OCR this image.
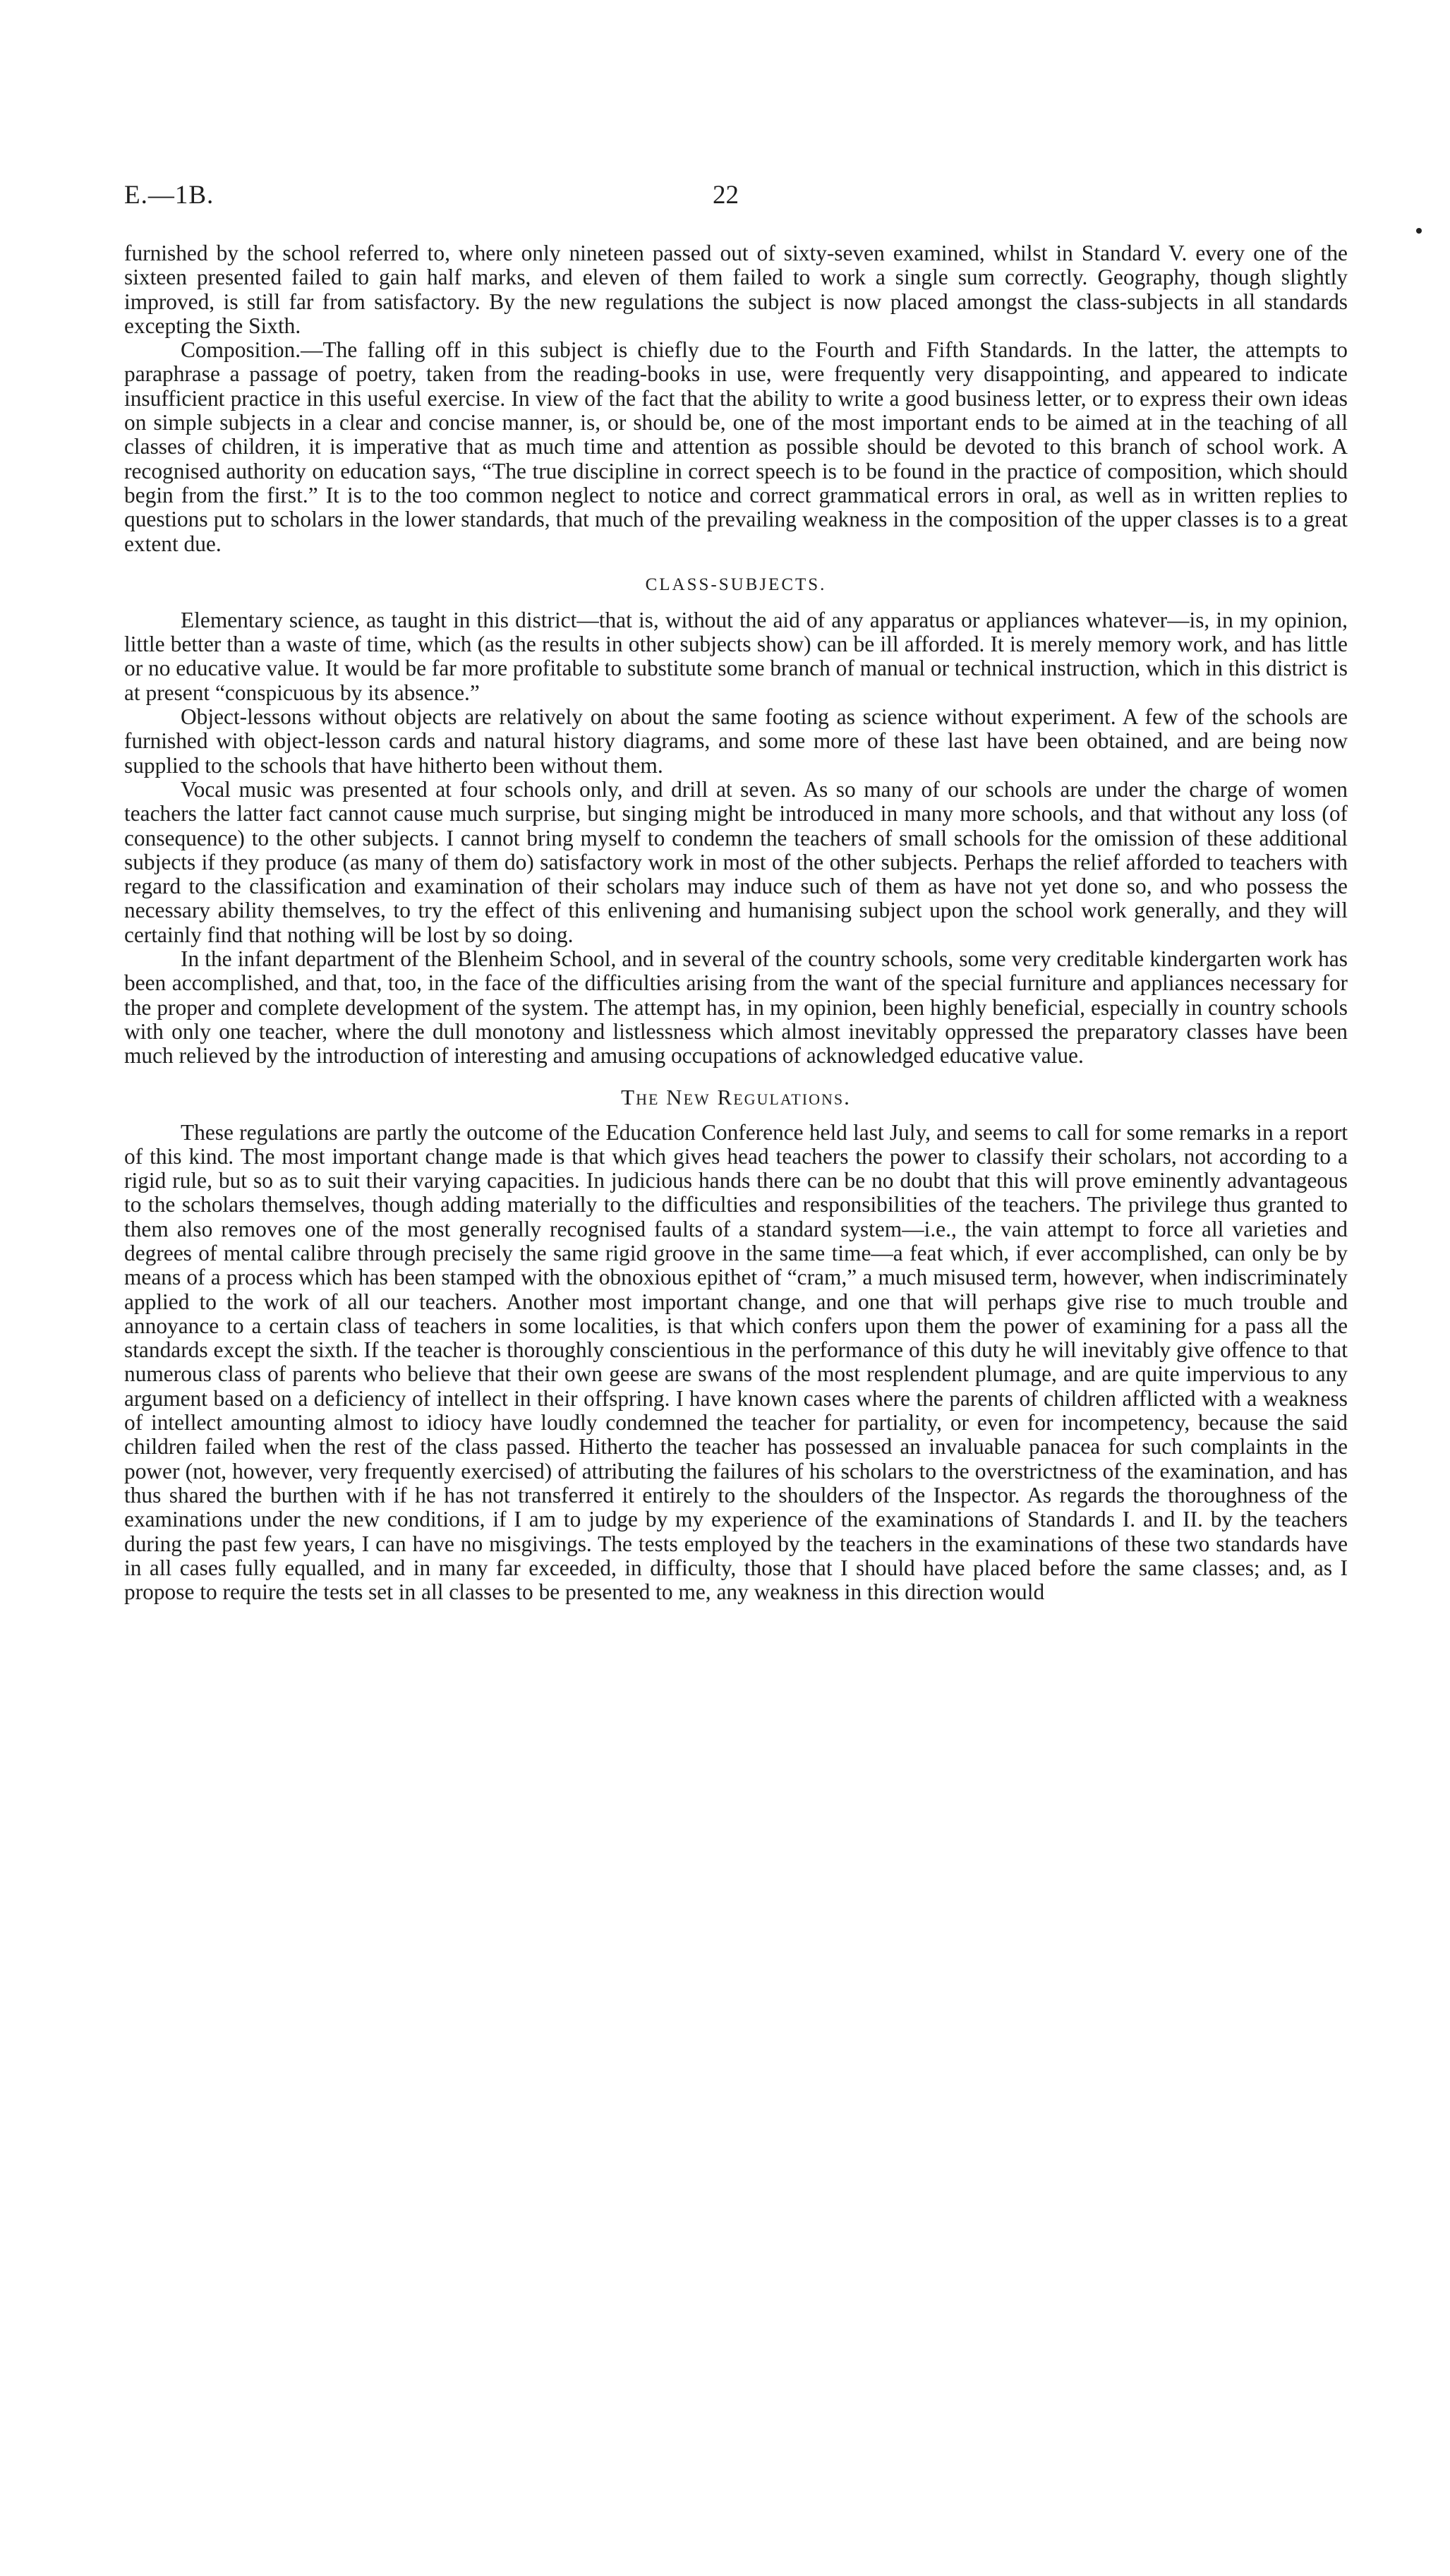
E.—1B.	22

furnished by the school referred to, where only nineteen passed out of sixty-seven examined, whilst in Standard V. every one of the sixteen presented failed to gain half marks, and eleven of them failed to work a single sum correctly. Geography, though slightly improved, is still far from satisfactory. By the new regulations the subject is now placed amongst the class-subjects in all standards excepting the Sixth.

Composition.—The falling off in this subject is chiefly due to the Fourth and Fifth Standards. In the latter, the attempts to paraphrase a passage of poetry, taken from the reading-books in use, were frequently very disappointing, and appeared to indicate insufficient practice in this useful exercise. In view of the fact that the ability to write a good business letter, or to express their own ideas on simple subjects in a clear and concise manner, is, or should be, one of the most important ends to be aimed at in the teaching of all classes of children, it is imperative that as much time and attention as possible should be devoted to this branch of school work. A recognised authority on education says, “The true discipline in correct speech is to be found in the practice of composition, which should begin from the first.” It is to the too common neglect to notice and correct grammatical errors in oral, as well as in written replies to questions put to scholars in the lower standards, that much of the prevailing weakness in the composition of the upper classes is to a great extent due.

CLASS-SUBJECTS.

Elementary science, as taught in this district—that is, without the aid of any apparatus or appliances whatever—is, in my opinion, little better than a waste of time, which (as the results in other subjects show) can be ill afforded. It is merely memory work, and has little or no educative value. It would be far more profitable to substitute some branch of manual or technical instruction, which in this district is at present “conspicuous by its absence.”

Object-lessons without objects are relatively on about the same footing as science without experiment. A few of the schools are furnished with object-lesson cards and natural history diagrams, and some more of these last have been obtained, and are being now supplied to the schools that have hitherto been without them.

Vocal music was presented at four schools only, and drill at seven. As so many of our schools are under the charge of women teachers the latter fact cannot cause much surprise, but singing might be introduced in many more schools, and that without any loss (of consequence) to the other subjects. I cannot bring myself to condemn the teachers of small schools for the omission of these additional subjects if they produce (as many of them do) satisfactory work in most of the other subjects. Perhaps the relief afforded to teachers with regard to the classification and examination of their scholars may induce such of them as have not yet done so, and who possess the necessary ability themselves, to try the effect of this enlivening and humanising subject upon the school work generally, and they will certainly find that nothing will be lost by so doing.

In the infant department of the Blenheim School, and in several of the country schools, some very creditable kindergarten work has been accomplished, and that, too, in the face of the difficulties arising from the want of the special furniture and appliances necessary for the proper and complete development of the system. The attempt has, in my opinion, been highly beneficial, especially in country schools with only one teacher, where the dull monotony and listlessness which almost inevitably oppressed the preparatory classes have been much relieved by the introduction of interesting and amusing occupations of acknowledged educative value.

The New Regulations.

These regulations are partly the outcome of the Education Conference held last July, and seems to call for some remarks in a report of this kind. The most important change made is that which gives head teachers the power to classify their scholars, not according to a rigid rule, but so as to suit their varying capacities. In judicious hands there can be no doubt that this will prove eminently advantageous to the scholars themselves, though adding materially to the difficulties and responsibilities of the teachers. The privilege thus granted to them also removes one of the most generally recognised faults of a standard system—i.e., the vain attempt to force all varieties and degrees of mental calibre through precisely the same rigid groove in the same time—a feat which, if ever accomplished, can only be by means of a process which has been stamped with the obnoxious epithet of “cram,” a much misused term, however, when indiscriminately applied to the work of all our teachers. Another most important change, and one that will perhaps give rise to much trouble and annoyance to a certain class of teachers in some localities, is that which confers upon them the power of examining for a pass all the standards except the sixth. If the teacher is thoroughly conscientious in the performance of this duty he will inevitably give offence to that numerous class of parents who believe that their own geese are swans of the most resplendent plumage, and are quite impervious to any argument based on a deficiency of intellect in their offspring. I have known cases where the parents of children afflicted with a weakness of intellect amounting almost to idiocy have loudly condemned the teacher for partiality, or even for incompetency, because the said children failed when the rest of the class passed. Hitherto the teacher has possessed an invaluable panacea for such complaints in the power (not, however, very frequently exercised) of attributing the failures of his scholars to the overstrictness of the examination, and has thus shared the burthen with if he has not transferred it entirely to the shoulders of the Inspector. As regards the thoroughness of the examinations under the new conditions, if I am to judge by my experience of the examinations of Standards I. and II. by the teachers during the past few years, I can have no misgivings. The tests employed by the teachers in the examinations of these two standards have in all cases fully equalled, and in many far exceeded, in difficulty, those that I should have placed before the same classes; and, as I propose to require the tests set in all classes to be presented to me, any weakness in this direction would
